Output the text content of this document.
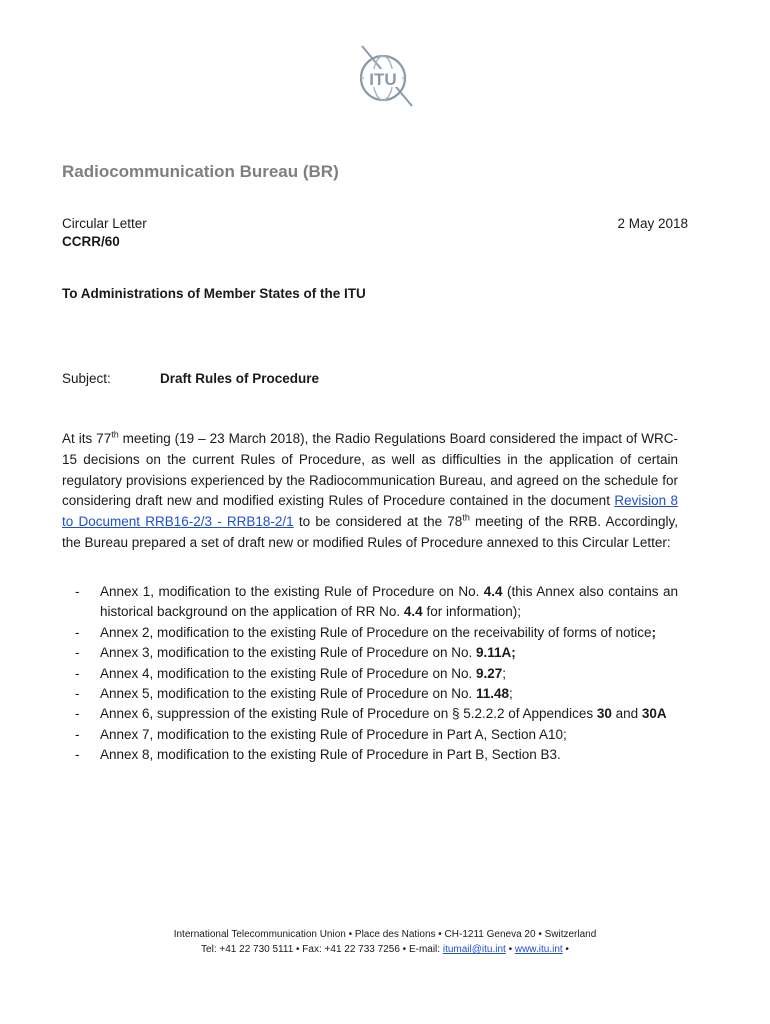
ITU
Radiocommunication Bureau (BR)
Circular Letter	2 May 2018
CCRR/60
To Administrations of Member States of the ITU
Subject:	Draft Rules of Procedure
At its 77th meeting (19 – 23 March 2018), the Radio Regulations Board considered the impact of WRC-15 decisions on the current Rules of Procedure, as well as difficulties in the application of certain regulatory provisions experienced by the Radiocommunication Bureau, and agreed on the schedule for considering draft new and modified existing Rules of Procedure contained in the document Revision 8 to Document RRB16-2/3 - RRB18-2/1 to be considered at the 78th meeting of the RRB. Accordingly, the Bureau prepared a set of draft new or modified Rules of Procedure annexed to this Circular Letter:
- Annex 1, modification to the existing Rule of Procedure on No. 4.4 (this Annex also contains an historical background on the application of RR No. 4.4 for information);
- Annex 2, modification to the existing Rule of Procedure on the receivability of forms of notice;
- Annex 3, modification to the existing Rule of Procedure on No. 9.11A;
- Annex 4, modification to the existing Rule of Procedure on No. 9.27;
- Annex 5, modification to the existing Rule of Procedure on No. 11.48;
- Annex 6, suppression of the existing Rule of Procedure on § 5.2.2.2 of Appendices 30 and 30A
- Annex 7, modification to the existing Rule of Procedure in Part A, Section A10;
- Annex 8, modification to the existing Rule of Procedure in Part B, Section B3.
International Telecommunication Union • Place des Nations • CH-1211 Geneva 20 • Switzerland
Tel: +41 22 730 5111 • Fax: +41 22 733 7256 • E-mail: itumail@itu.int • www.itu.int •
